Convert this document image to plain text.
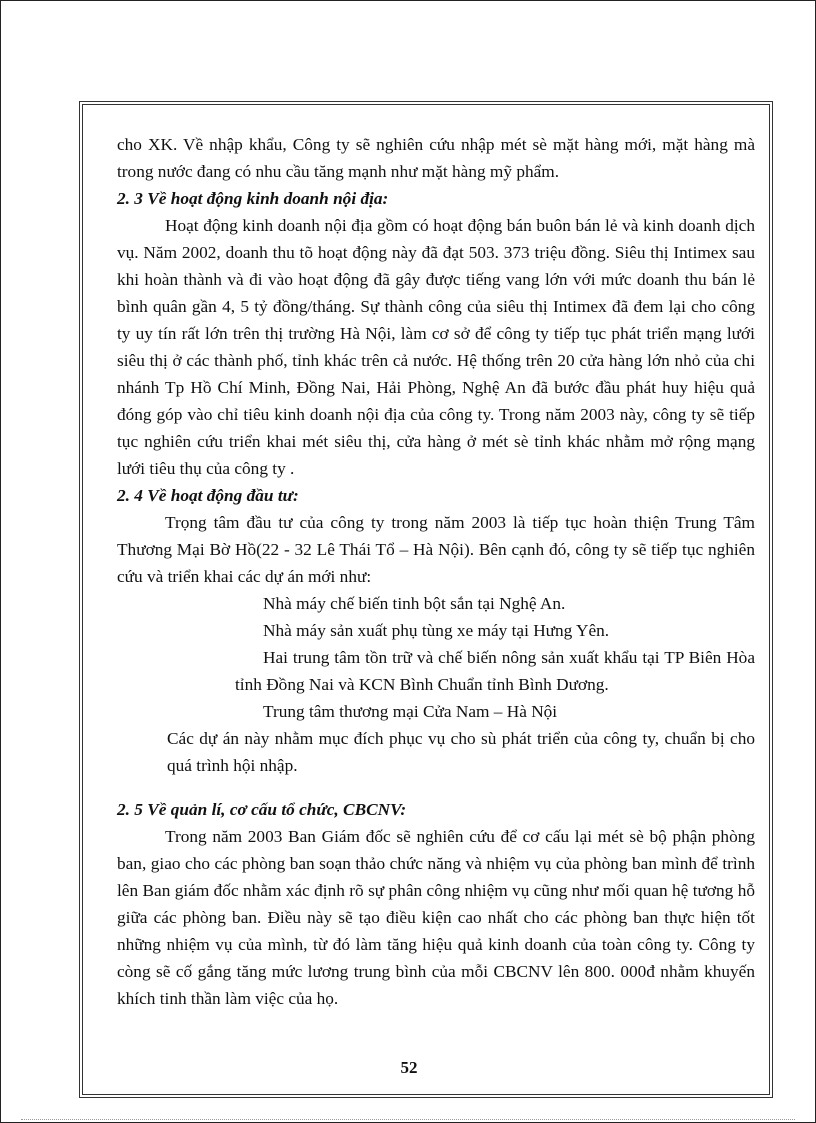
cho XK. Về nhập khẩu, Công ty sẽ nghiên cứu nhập mét sè mặt hàng mới, mặt hàng mà trong nước đang có nhu cầu tăng mạnh như mặt hàng mỹ phẩm.

2. 3 Về hoạt động kinh doanh nội địa:

Hoạt động kinh doanh nội địa gồm có hoạt động bán buôn bán lẻ và kinh doanh dịch vụ. Năm 2002, doanh thu tõ hoạt động này đã đạt 503. 373 triệu đồng. Siêu thị Intimex sau khi hoàn thành và đi vào hoạt động đã gây được tiếng vang lớn với mức doanh thu bán lẻ bình quân gần 4, 5 tỷ đồng/tháng. Sự thành công của siêu thị Intimex đã đem lại cho công ty uy tín rất lớn trên thị trường Hà Nội, làm cơ sở để công ty tiếp tục phát triển mạng lưới siêu thị ở các thành phố, tỉnh khác trên cả nước. Hệ thống trên 20 cửa hàng lớn nhỏ của chi nhánh Tp Hồ Chí Minh, Đồng Nai, Hải Phòng, Nghệ An đã bước đầu phát huy hiệu quả đóng góp vào chỉ tiêu kinh doanh nội địa của công ty. Trong năm 2003 này, công ty sẽ tiếp tục nghiên cứu triển khai mét siêu thị, cửa hàng ở mét sè tỉnh khác nhằm mở rộng mạng lưới tiêu thụ của công ty .

2. 4 Về hoạt động đầu tư:

Trọng tâm đầu tư của công ty trong năm 2003 là tiếp tục hoàn thiện Trung Tâm Thương Mại Bờ Hồ(22 - 32 Lê Thái Tổ – Hà Nội). Bên cạnh đó, công ty sẽ tiếp tục nghiên cứu và triển khai các dự án mới như:

Nhà máy chế biến tinh bột sắn tại Nghệ An.

Nhà máy sản xuất phụ tùng xe máy tại Hưng Yên.

Hai trung tâm tồn trữ và chế biến nông sản xuất khẩu tại TP Biên Hòa tỉnh Đồng Nai và KCN Bình Chuẩn tỉnh Bình Dương.

Trung tâm thương mại Cửa Nam – Hà Nội

Các dự án này nhằm mục đích phục vụ cho sù phát triển của công ty, chuẩn bị cho quá trình hội nhập.

2. 5 Về quản lí, cơ cấu tổ chức, CBCNV:

Trong năm 2003 Ban Giám đốc sẽ nghiên cứu để cơ cấu lại mét sè bộ phận phòng ban, giao cho các phòng ban soạn thảo chức năng và nhiệm vụ của phòng ban mình để trình lên Ban giám đốc nhằm xác định rõ sự phân công nhiệm vụ cũng như mối quan hệ tương hỗ giữa các phòng ban. Điều này sẽ tạo điều kiện cao nhất cho các phòng ban thực hiện tốt những nhiệm vụ của mình, từ đó làm tăng hiệu quả kinh doanh của toàn công ty. Công ty còng sẽ cố gắng tăng mức lương trung bình của mỗi CBCNV lên 800. 000đ nhằm khuyến khích tinh thần làm việc của họ.

52
